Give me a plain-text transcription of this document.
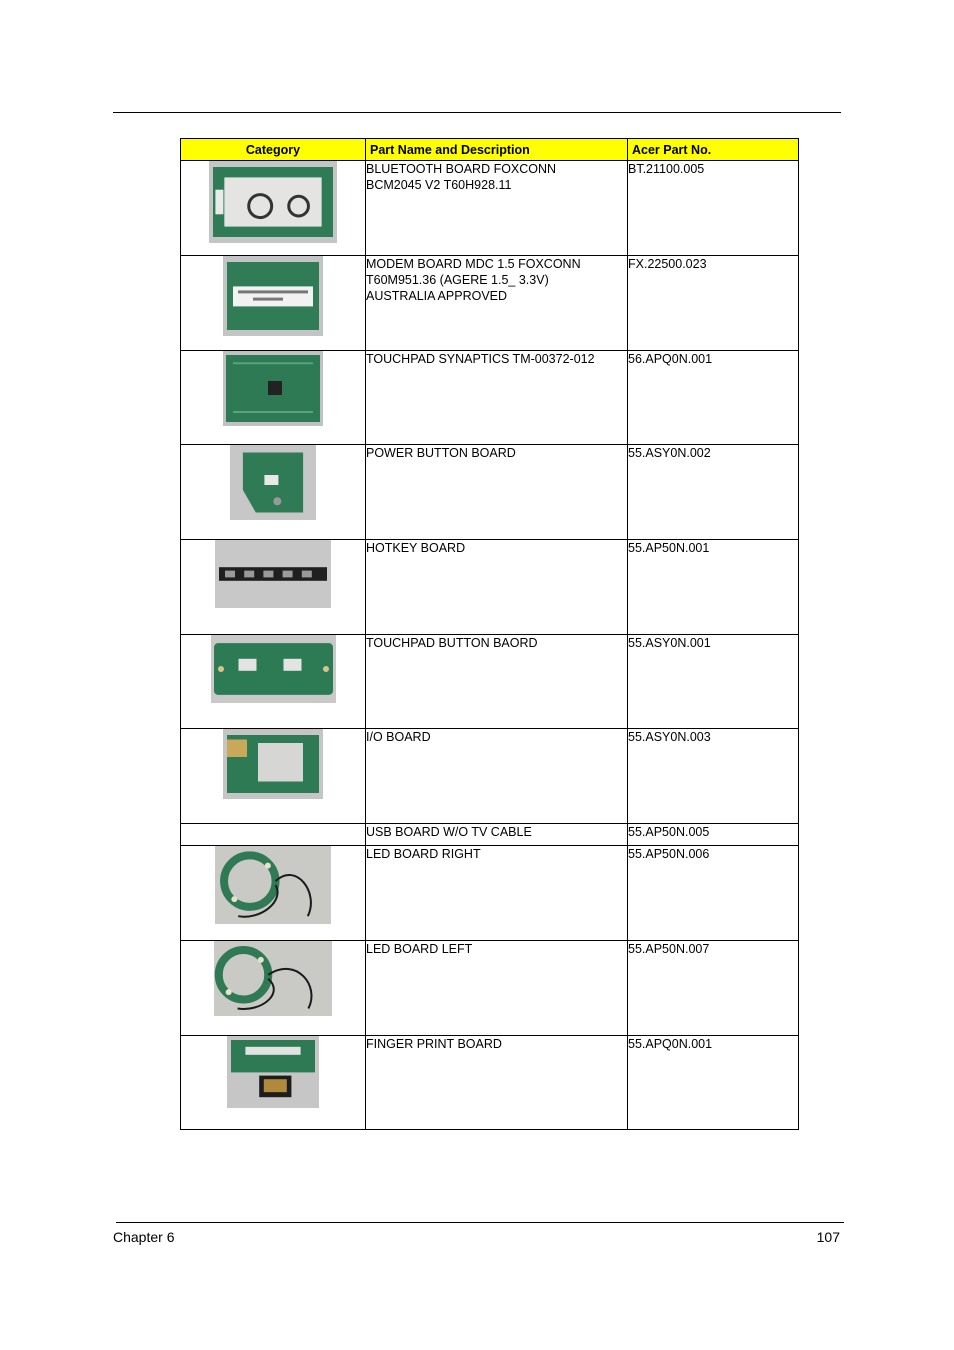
Category	Part Name and Description	Acer Part No.

BLUETOOTH BOARD FOXCONN
BCM2045 V2 T60H928.11	BT.21100.005

MODEM BOARD MDC 1.5 FOXCONN
T60M951.36 (AGERE 1.5_ 3.3V)
AUSTRALIA APPROVED	FX.22500.023

TOUCHPAD SYNAPTICS TM-00372-012	56.APQ0N.001

POWER BUTTON BOARD	55.ASY0N.002

HOTKEY BOARD	55.AP50N.001

TOUCHPAD BUTTON BAORD	55.ASY0N.001

I/O BOARD	55.ASY0N.003

	USB BOARD W/O TV CABLE	55.AP50N.005

LED BOARD RIGHT	55.AP50N.006

LED BOARD LEFT	55.AP50N.007

FINGER PRINT BOARD	55.APQ0N.001
Chapter 6	107
